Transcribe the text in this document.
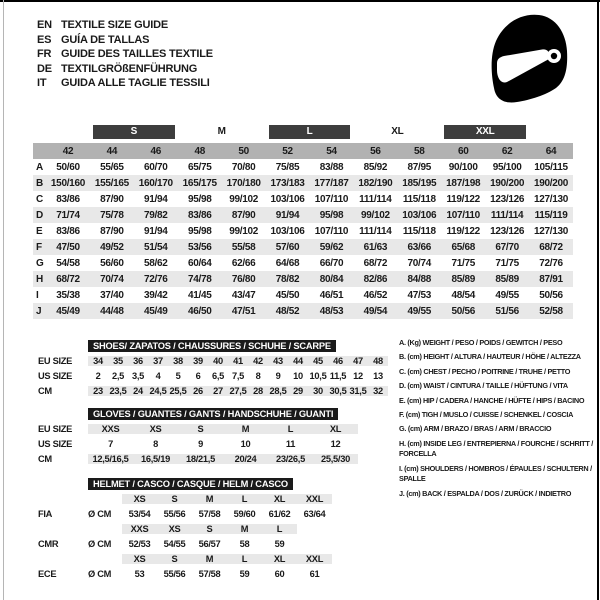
EN TEXTILE SIZE GUIDE
ES GUÍA DE TALLAS
FR GUIDE DES TAILLES TEXTILE
DE TEXTILGRÖßENFÜHRUNG
IT	GUIDA ALLE TAGLIE TESSILI
S	M	L	XL	XXL
42	44	46	48	50	52	54	56	58	60	62	64
A	50/60	55/65	60/70	65/75	70/80	75/85	83/88	85/92	87/95	90/100	95/100	105/115
B 150/160 155/165 160/170 165/175 170/180 173/183 177/187 182/190 185/195 187/198 190/200 190/200
C	83/86	87/90	91/94	95/98	99/102	103/106	107/110	111/114	115/118	119/122	123/126 127/130
D	71/74	75/78	79/82	83/86	87/90	91/94	95/98	99/102	103/106	107/110	111/114	115/119
E	83/86	87/90	91/94	95/98	99/102	103/106	107/110	111/114	115/118	119/122	123/126 127/130
F	47/50	49/52	51/54	53/56	55/58	57/60	59/62	61/63	63/66	65/68	67/70	68/72
G	54/58	56/60	58/62	60/64	62/66	64/68	66/70	68/72	70/74	71/75	71/75	72/76
H	68/72	70/74	72/76	74/78	76/80	78/82	80/84	82/86	84/88	85/89	85/89	87/91
I	35/38	37/40	39/42	41/45	43/47	45/50	46/51	46/52	47/53	48/54	49/55	50/56
J	45/49	44/48	45/49	46/50	47/51	48/52	48/53	49/54	49/55	50/56	51/56	52/58
SHOES/ ZAPATOS / CHAUSSURES / SCHUHE / SCARPE
EU SIZE	34	35	36	37	38	39	40	41	42	43	44	45	46	47	48
US SIZE	2	2,5 3,5	4	5	6	6,5 7,5	8	9	10 10,5 11,5 12	13
CM	23 23,5 24 24,5 25,5 26	27 27,5 28 28,5 29	30 30,5 31,5 32
GLOVES / GUANTES / GANTS / HANDSCHUHE / GUANTI
EU SIZE	XXS	XS	S	M	L	XL
US SIZE	7	8	9	10	11	12
CM	12,5/16,5	16,5/19	18/21,5	20/24	23/26,5	25,5/30
HELMET / CASCO / CASQUE / HELM / CASCO
XS	S	M	L	XL	XXL
FIA	Ø CM	53/54	55/56	57/58	59/60	61/62	63/64
XXS	XS	S	M	L
CMR	Ø CM	52/53	54/55	56/57	58	59
XS	S	M	L	XL	XXL
ECE	Ø CM	53	55/56	57/58	59	60	61
A. (Kg) WEIGHT / PESO / POIDS / GEWITCH / PESO
B. (cm) HEIGHT / ALTURA / HAUTEUR / HÖHE / ALTEZZA
C. (cm) CHEST / PECHO / POITRINE / TRUHE / PETTO
D. (cm) WAIST / CINTURA / TAILLE / HÜFTUNG / VITA
E. (cm) HIP / CADERA / HANCHE / HÜFTE / HIPS / BACINO
F. (cm) TIGH / MUSLO / CUISSE / SCHENKEL / COSCIA
G. (cm) ARM / BRAZO / BRAS / ARM / BRACCIO
H. (cm) INSIDE LEG / ENTREPIERNA / FOURCHE / SCHRITT / FORCELLA
I. (cm) SHOULDERS / HOMBROS / ÉPAULES / SCHULTERN / SPALLE
J. (cm) BACK / ESPALDA / DOS / ZURÜCK / INDIETRO
